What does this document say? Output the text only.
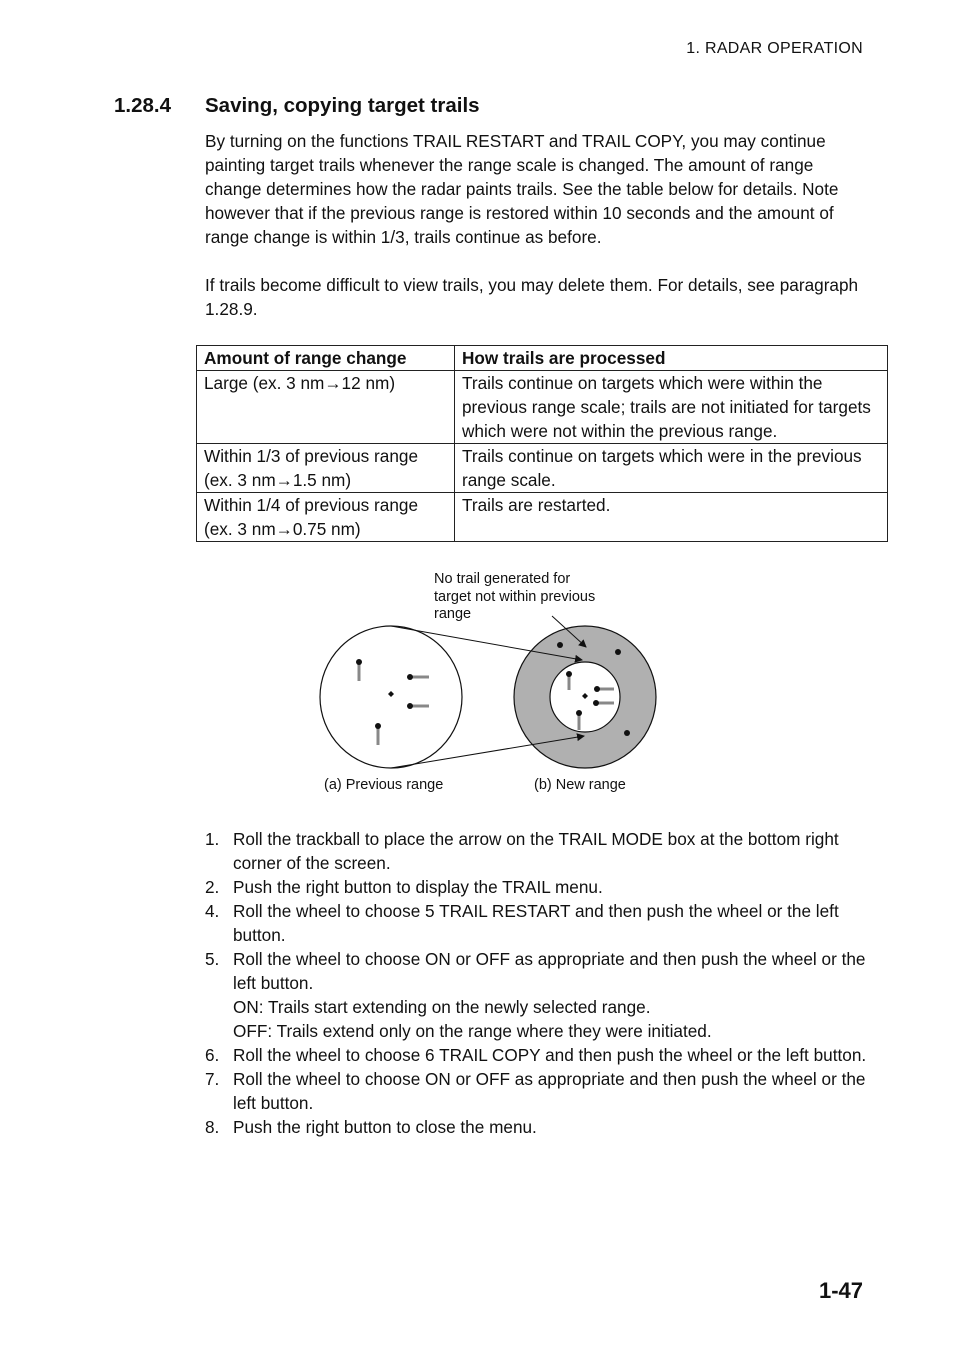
1. RADAR OPERATION
1.28.4 Saving, copying target trails

By turning on the functions TRAIL RESTART and TRAIL COPY, you may continue painting target trails whenever the range scale is changed. The amount of range change determines how the radar paints trails. See the table below for details. Note however that if the previous range is restored within 10 seconds and the amount of range change is within 1/3, trails continue as before.

If trails become difficult to view trails, you may delete them. For details, see paragraph 1.28.9.

Amount of range change	How trails are processed
Large (ex. 3 nm→12 nm)	Trails continue on targets which were within the previous range scale; trails are not initiated for targets which were not within the previous range.
Within 1/3 of previous range (ex. 3 nm→1.5 nm)	Trails continue on targets which were in the previous range scale.
Within 1/4 of previous range (ex. 3 nm→0.75 nm)	Trails are restarted.
No trail generated for target not within previous range
(a) Previous range	(b) New range
1. Roll the trackball to place the arrow on the TRAIL MODE box at the bottom right corner of the screen.
2. Push the right button to display the TRAIL menu.
4. Roll the wheel to choose 5 TRAIL RESTART and then push the wheel or the left button.
5. Roll the wheel to choose ON or OFF as appropriate and then push the wheel or the left button.
ON: Trails start extending on the newly selected range.
OFF: Trails extend only on the range where they were initiated.
6. Roll the wheel to choose 6 TRAIL COPY and then push the wheel or the left button.
7. Roll the wheel to choose ON or OFF as appropriate and then push the wheel or the left button.
8. Push the right button to close the menu.
1-47
